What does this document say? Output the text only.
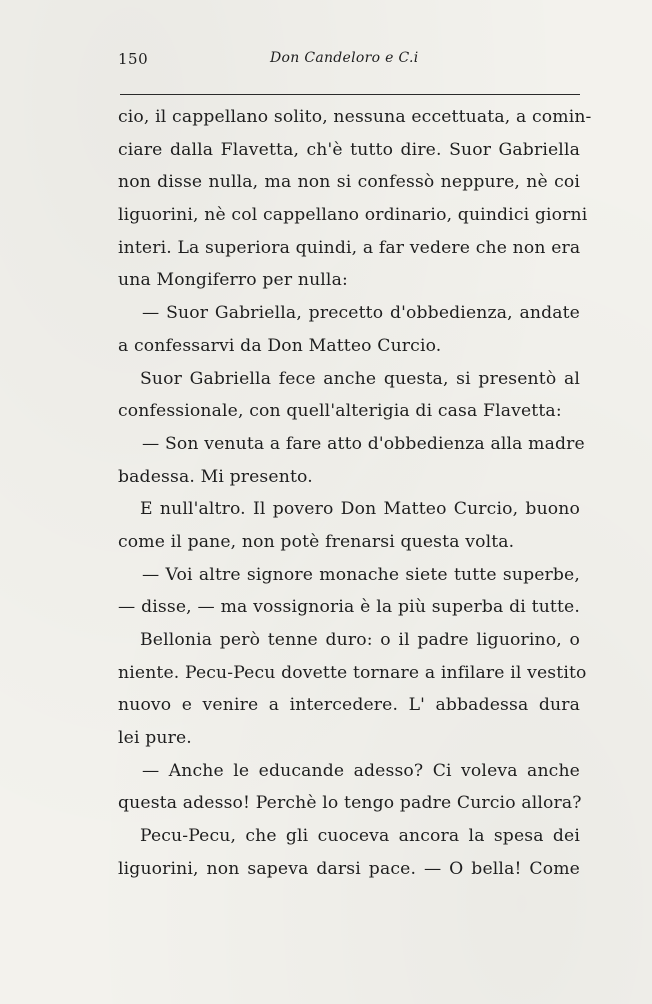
150	Don Candeloro e C.i
cio, il cappellano solito, nessuna eccettuata, a comin-
ciare dalla Flavetta, ch'è tutto dire. Suor Gabriella
non disse nulla, ma non si confessò neppure, nè coi
liguorini, nè col cappellano ordinario, quindici giorni
interi. La superiora quindi, a far vedere che non era
una Mongiferro per nulla:
— Suor Gabriella, precetto d'obbedienza, andate
a confessarvi da Don Matteo Curcio.
Suor Gabriella fece anche questa, si presentò al
confessionale, con quell'alterigia di casa Flavetta:
— Son venuta a fare atto d'obbedienza alla madre
badessa. Mi presento.
E null'altro. Il povero Don Matteo Curcio, buono
come il pane, non potè frenarsi questa volta.
— Voi altre signore monache siete tutte superbe,
— disse, — ma vossignoria è la più superba di tutte.
Bellonia però tenne duro: o il padre liguorino, o
niente. Pecu-Pecu dovette tornare a infilare il vestito
nuovo e venire a intercedere. L' abbadessa dura
lei pure.
— Anche le educande adesso? Ci voleva anche
questa adesso! Perchè lo tengo padre Curcio allora?
Pecu-Pecu, che gli cuoceva ancora la spesa dei
liguorini, non sapeva darsi pace. — O bella! Come
